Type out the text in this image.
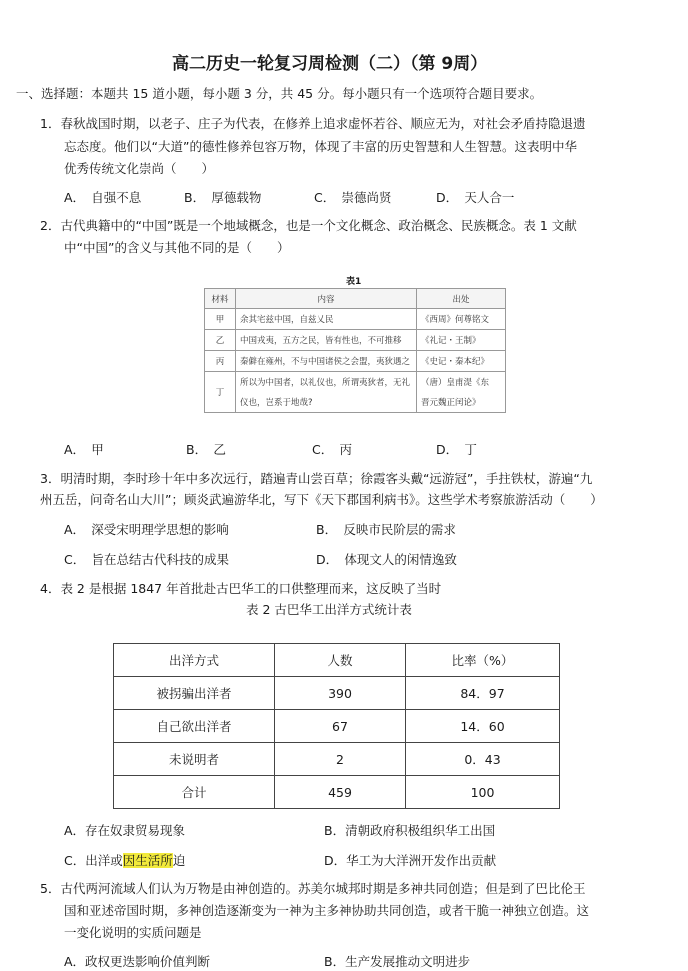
高二历史一轮复习周检测（二）（第 9周）
一、选择题：本题共 15 道小题，每小题 3 分，共 45 分。每小题只有一个选项符合题目要求。
1．春秋战国时期，以老子、庄子为代表，在修养上追求虚怀若谷、顺应无为，对社会矛盾持隐退遗
忘态度。他们以“大道”的德性修养包容万物，体现了丰富的历史智慧和人生智慧。这表明中华
优秀传统文化崇尚（　　）
A．　自强不息	B．　厚德载物	C．　崇德尚贤	D．　天人合一
2．古代典籍中的“中国”既是一个地域概念，也是一个文化概念、政治概念、民族概念。表 1 文献
中“中国”的含义与其他不同的是（　　）
表1
材料	内容	出处
甲	余其宅兹中国，自兹乂民	《西周》何尊铭文
乙	中国戎夷，五方之民，皆有性也，不可推移	《礼记・王制》
丙	秦僻在雍州，不与中国诸侯之会盟，夷狄遇之	《史记・秦本纪》
丁	所以为中国者，以礼仪也，所谓夷狄者，无礼	（唐）皇甫湜《东
	仪也，岂系于地哉?	晋元魏正闰论》
A．　甲	B．　乙	C．　丙	D．　丁
3．明清时期，李时珍十年中多次远行，踏遍青山尝百草；徐霞客头戴“远游冠”，手拄铁杖，游遍“九
州五岳，问奇名山大川”；顾炎武遍游华北，写下《天下郡国利病书》。这些学术考察旅游活动（　　）
A．　深受宋明理学思想的影响	B．　反映市民阶层的需求
C．　旨在总结古代科技的成果	D．　体现文人的闲情逸致
4．表 2 是根据 1847 年首批赴古巴华工的口供整理而来，这反映了当时
表 2 古巴华工出洋方式统计表
出洋方式	人数	比率（%）
被拐骗出洋者	390	84．97
自己欲出洋者	67	14．60
未说明者	2	0．43
合计	459	100
A．存在奴隶贸易现象	B．清朝政府积极组织华工出国
C．出洋或因生活所迫	D．华工为大洋洲开发作出贡献
5．古代两河流域人们认为万物是由神创造的。苏美尔城邦时期是多神共同创造；但是到了巴比伦王
国和亚述帝国时期，多神创造逐渐变为一神为主多神协助共同创造，或者干脆一神独立创造。这
一变化说明的实质问题是
A．政权更迭影响价值判断	B．生产发展推动文明进步
